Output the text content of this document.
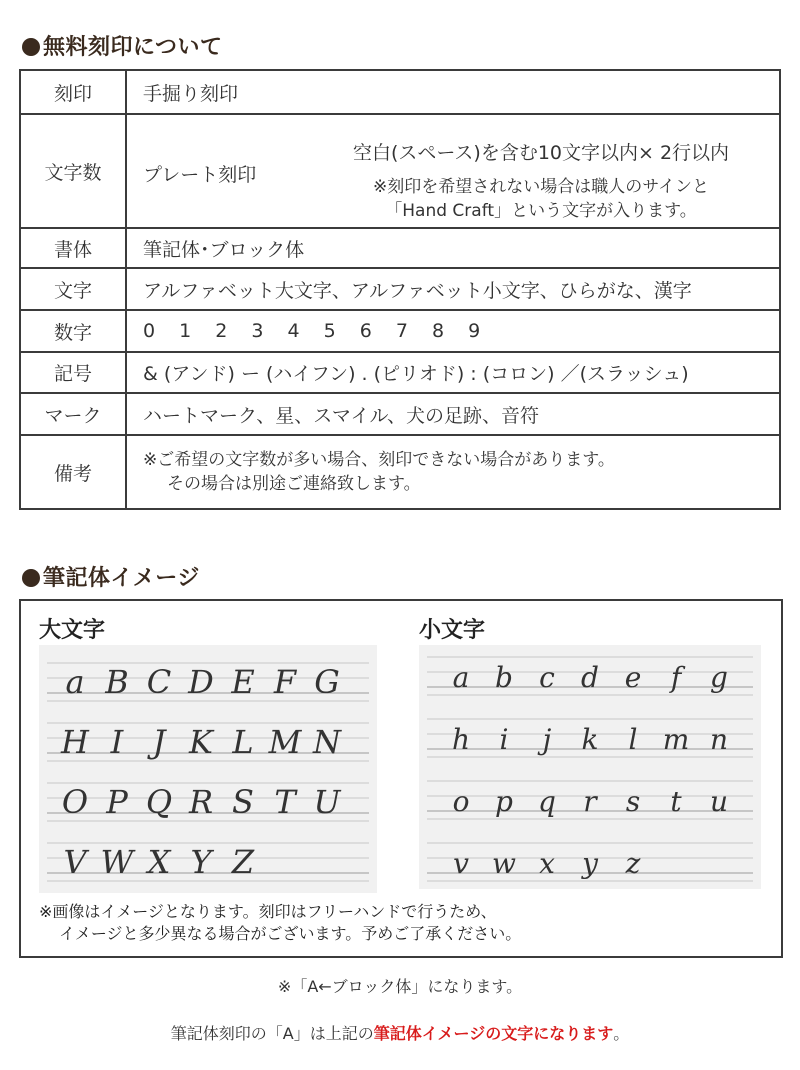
無料刻印について
刻印	手掘り刻印
文字数	プレート刻印
空白(スペース)を含む10文字以内× 2行以内
※刻印を希望されない場合は職人のサインと
「Hand Craft」という文字が入ります。

書体	筆記体･ブロック体
文字	アルファベット大文字、アルファベット小文字、ひらがな、漢字
数字	0 1 2 3 4 5 6 7 8 9
記号	& (アンド) ー (ハイフン) . (ピリオド) : (コロン) ／(スラッシュ)
マーク	ハートマーク、星、スマイル、犬の足跡、音符
備考	※ご希望の文字数が多い場合、刻印できない場合があります。
その場合は別途ご連絡致します。
筆記体イメージ
大文字	小文字
a B C D E F G
H I J K L M N
O P Q R S T U
V W X Y Z
a b c d e f g
h i j k l m n
o p q r s t u
v w x y z
※画像はイメージとなります。刻印はフリーハンドで行うため、
イメージと多少異なる場合がございます。予めご了承ください。
※「A←ブロック体」になります。
筆記体刻印の「A」は上記の筆記体イメージの文字になります。
